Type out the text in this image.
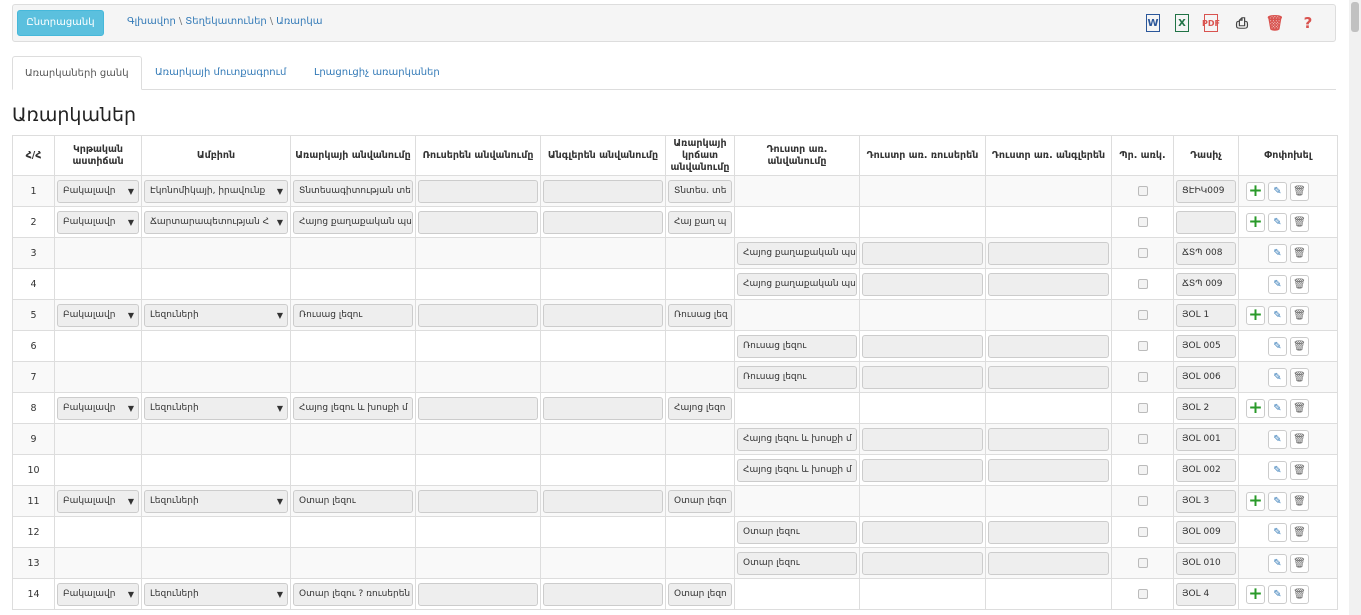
Ընտրացանկ	Գլխավոր \ Տեղեկատուներ \ Առարկա	W	X	PDF ⎙ 🗑	?
Առարկաների ցանկ	Առարկայի մուտքագրում	Լրացուցիչ առարկաներ
Առարկաներ
Հ/Հ	Կրթական աստիճան	Ամբիոն	Առարկայի անվանումը	Ռուսերեն անվանումը	Անգլերեն անվանումը	Առարկայի կրճատ անվանումը	Դուստր առ. անվանումը	Դուստր առ. ռուսերեն	Դուստր առ. անգլերեն	Պր. առկ.	Դասիչ	Փոփոխել
1	Բակալավր ▼	Էկոնոմիկայի, իրավունք ▼	Տնտեսագիտության տե			Տնտես. տե					ՑԷԻԿ009	+ ✎ 🗑

2	Բակալավր ▼	Ճարտարապետության Հ ▼	Հայոց քաղաքական պս			Հայ քաղ պ						+ ✎ 🗑

3							Հայոց քաղաքական պս				ՃՏՊ 008	✎ 🗑

4							Հայոց քաղաքական պս				ՃՏՊ 009	✎ 🗑

5	Բակալավր ▼	Լեզուների ▼	Ռուսաց լեզու			Ռուսաց լեզ					ՅOL 1	+ ✎ 🗑

6							Ռուսաց լեզու				ՅOL 005	✎ 🗑

7							Ռուսաց լեզու				ՅOL 006	✎ 🗑

8	Բակալավր ▼	Լեզուների ▼	Հայոց լեզու և խոսքի մ			Հայոց լեզո					ՅOL 2	+ ✎ 🗑

9							Հայոց լեզու և խոսքի մ				ՅOL 001	✎ 🗑

10							Հայոց լեզու և խոսքի մ				ՅOL 002	✎ 🗑

11	Բակալավր ▼	Լեզուների ▼	Օտար լեզու			Օտար լեզո					ՅOL 3	+ ✎ 🗑

12							Օտար լեզու				ՅOL 009	✎ 🗑

13							Օտար լեզու				ՅOL 010	✎ 🗑

14	Բակալավր ▼	Լեզուների ▼	Օտար լեզու ? ռուսերեն			Օտար լեզո					ՅOL 4	+ ✎ 🗑
